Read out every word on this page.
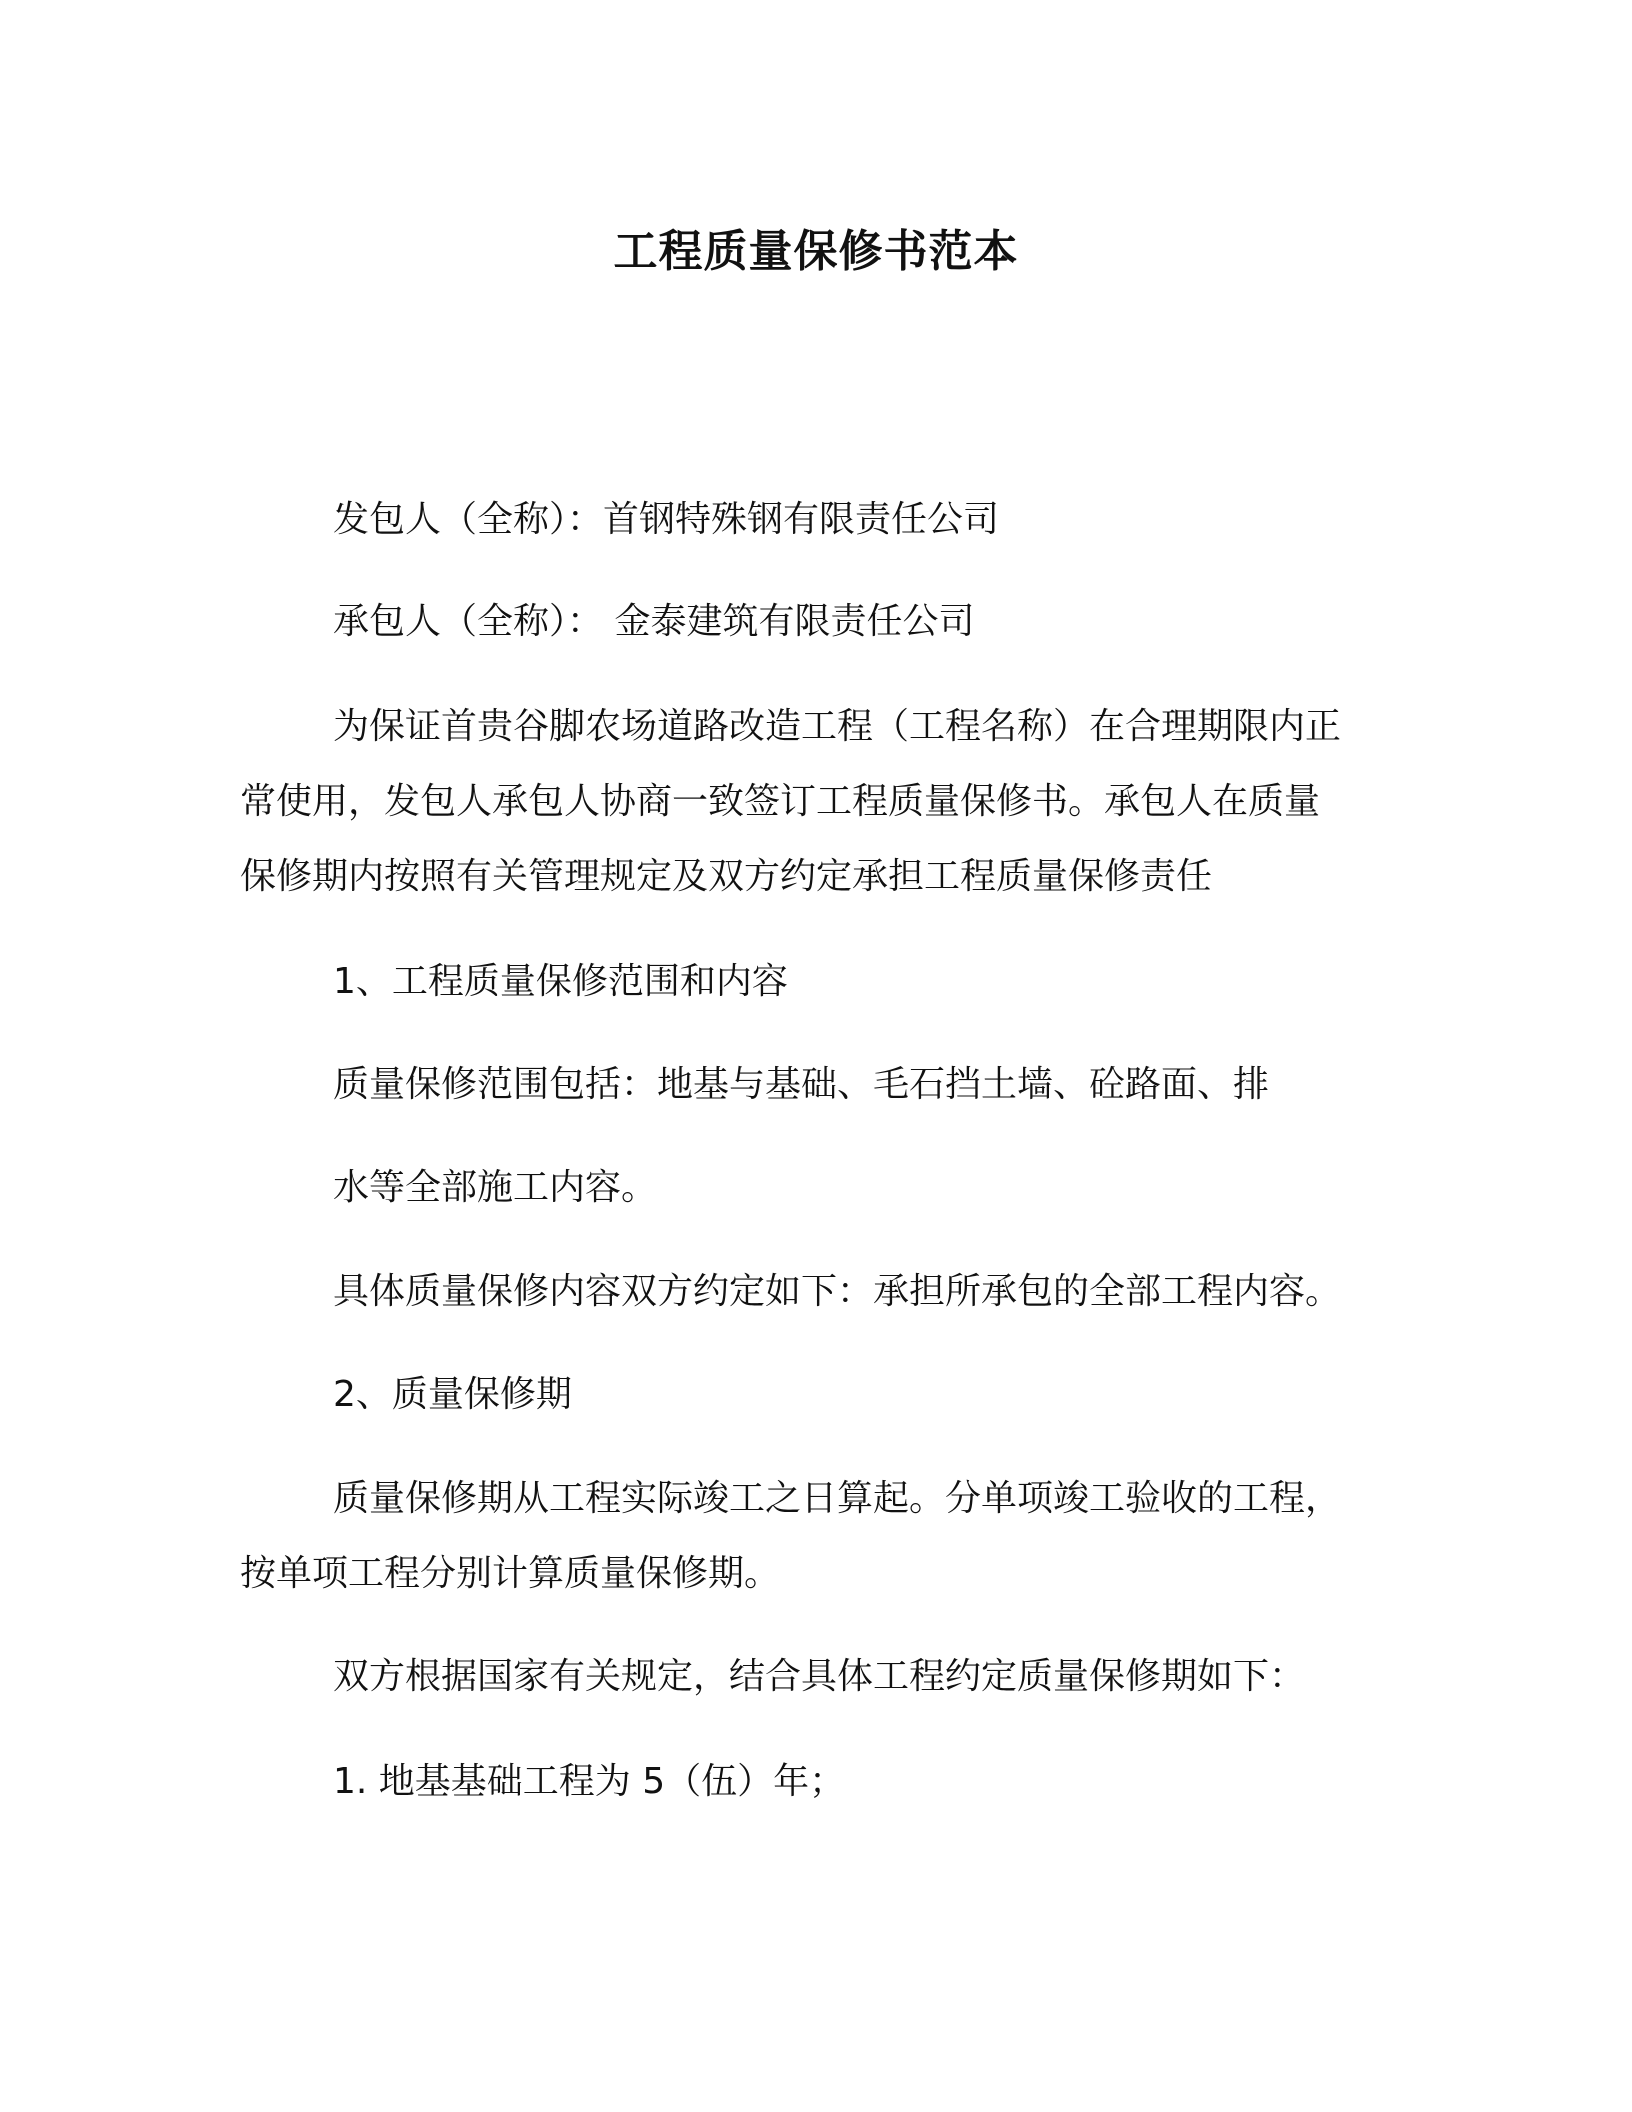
工程质量保修书范本
发包人（全称）：首钢特殊钢有限责任公司
承包人（全称）： 金泰建筑有限责任公司
为保证首贵谷脚农场道路改造工程（工程名称）在合理期限内正
常使用，发包人承包人协商一致签订工程质量保修书。承包人在质量
保修期内按照有关管理规定及双方约定承担工程质量保修责任
1、工程质量保修范围和内容
质量保修范围包括：地基与基础、毛石挡土墙、砼路面、排
水等全部施工内容。
具体质量保修内容双方约定如下：承担所承包的全部工程内容。
2、质量保修期
质量保修期从工程实际竣工之日算起。分单项竣工验收的工程，
按单项工程分别计算质量保修期。
双方根据国家有关规定，结合具体工程约定质量保修期如下：
1. 地基基础工程为 5（伍）年；
